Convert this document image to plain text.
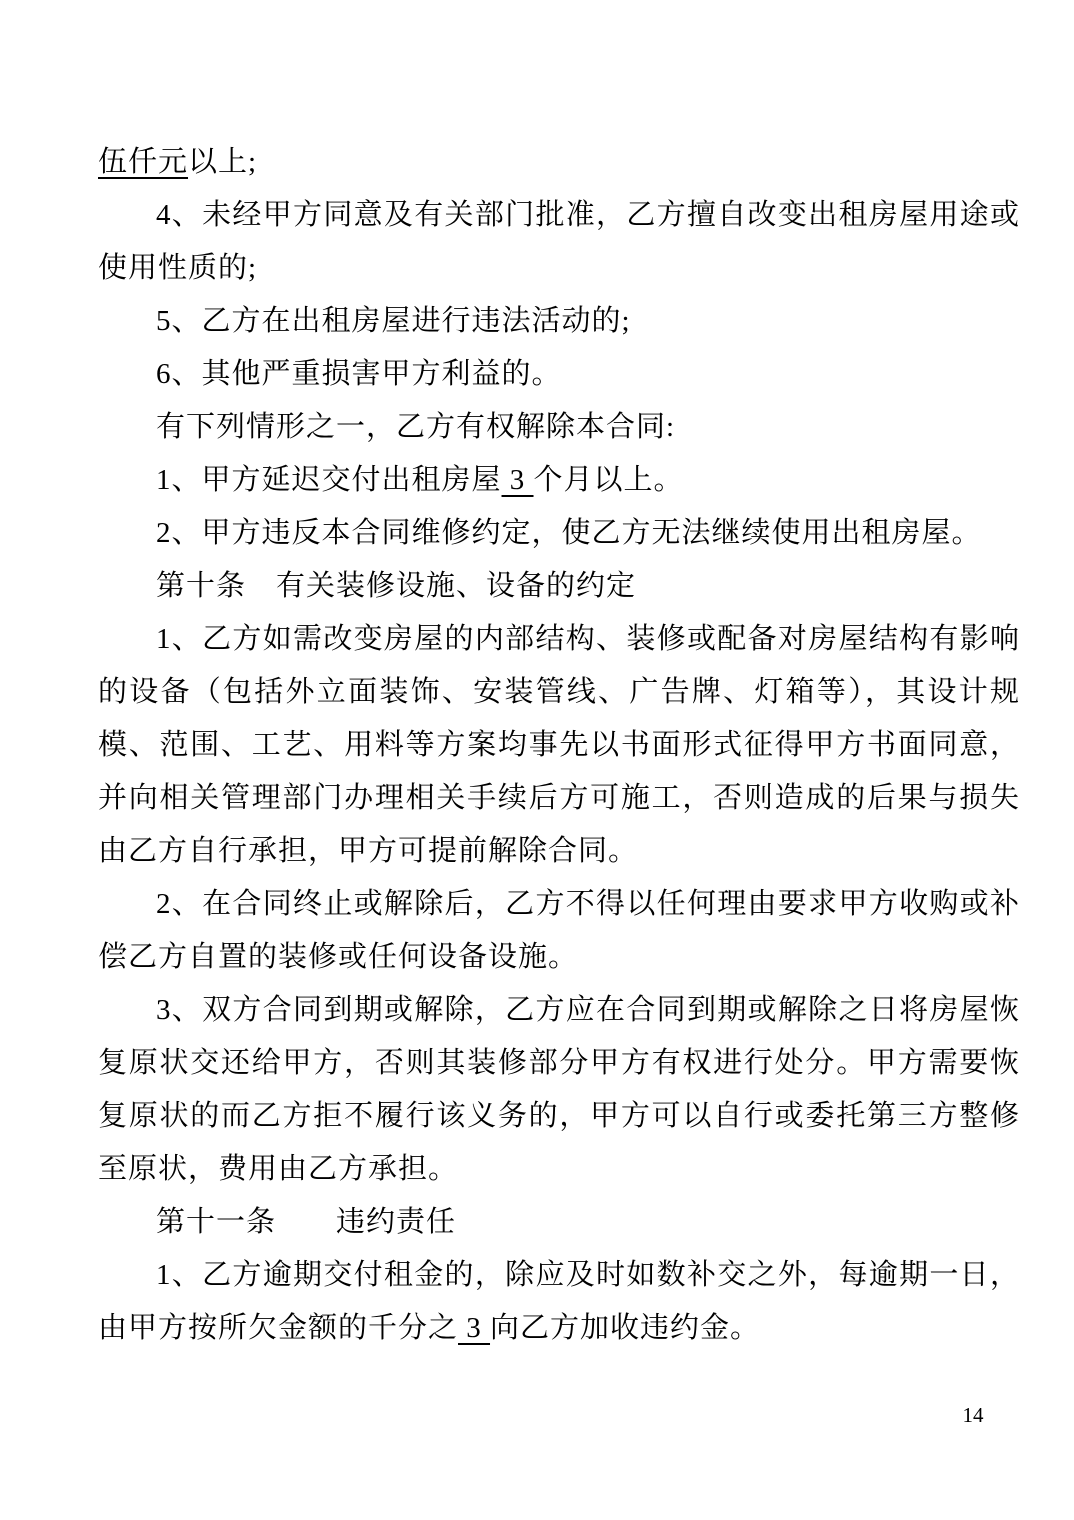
伍仟元以上;

4、未经甲方同意及有关部门批准，乙方擅自改变出租房屋用途或使用性质的;

5、乙方在出租房屋进行违法活动的;

6、其他严重损害甲方利益的。

有下列情形之一，乙方有权解除本合同:

1、甲方延迟交付出租房屋 3 个月以上。

2、甲方违反本合同维修约定，使乙方无法继续使用出租房屋。

第十条　有关装修设施、设备的约定

1、乙方如需改变房屋的内部结构、装修或配备对房屋结构有影响的设备（包括外立面装饰、安装管线、广告牌、灯箱等），其设计规模、范围、工艺、用料等方案均事先以书面形式征得甲方书面同意，并向相关管理部门办理相关手续后方可施工，否则造成的后果与损失由乙方自行承担，甲方可提前解除合同。

2、在合同终止或解除后，乙方不得以任何理由要求甲方收购或补偿乙方自置的装修或任何设备设施。

3、双方合同到期或解除，乙方应在合同到期或解除之日将房屋恢复原状交还给甲方，否则其装修部分甲方有权进行处分。甲方需要恢复原状的而乙方拒不履行该义务的，甲方可以自行或委托第三方整修至原状，费用由乙方承担。

第十一条　　违约责任

1、乙方逾期交付租金的，除应及时如数补交之外，每逾期一日，由甲方按所欠金额的千分之 3 向乙方加收违约金。

14
